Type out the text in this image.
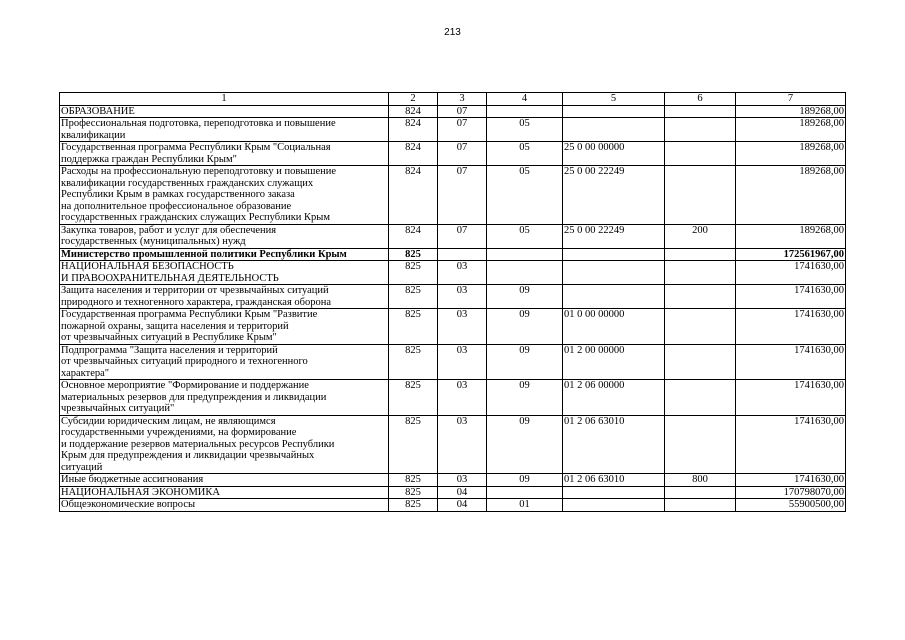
213
1	2	3	4	5	6	7

ОБРАЗОВАНИЕ	824	07				189268,00

Профессиональная подготовка, переподготовка и повышение
квалификации	824	07	05			189268,00

Государственная программа Республики Крым "Социальная
поддержка граждан Республики Крым"	824	07	05	25 0 00 00000		189268,00

Расходы на профессиональную переподготовку и повышение
квалификации государственных гражданских служащих
Республики Крым в рамках государственного заказа
на дополнительное профессиональное образование
государственных гражданских служащих Республики Крым	824	07	05	25 0 00 22249		189268,00

Закупка товаров, работ и услуг для обеспечения
государственных (муниципальных) нужд	824	07	05	25 0 00 22249	200	189268,00

Министерство промышленной политики Республики Крым	825					172561967,00

НАЦИОНАЛЬНАЯ БЕЗОПАСНОСТЬ
И ПРАВООХРАНИТЕЛЬНАЯ ДЕЯТЕЛЬНОСТЬ	825	03				1741630,00

Защита населения и территории от чрезвычайных ситуаций
природного и техногенного характера, гражданская оборона	825	03	09			1741630,00

Государственная программа Республики Крым "Развитие
пожарной охраны, защита населения и территорий
от чрезвычайных ситуаций в Республике Крым"	825	03	09	01 0 00 00000		1741630,00

Подпрограмма "Защита населения и территорий
от чрезвычайных ситуаций природного и техногенного
характера"	825	03	09	01 2 00 00000		1741630,00

Основное мероприятие "Формирование и поддержание
материальных резервов для предупреждения и ликвидации
чрезвычайных ситуаций"	825	03	09	01 2 06 00000		1741630,00

Субсидии юридическим лицам, не являющимся
государственными учреждениями, на формирование
и поддержание резервов материальных ресурсов Республики
Крым для предупреждения и ликвидации чрезвычайных
ситуаций	825	03	09	01 2 06 63010		1741630,00

Иные бюджетные ассигнования	825	03	09	01 2 06 63010	800	1741630,00

НАЦИОНАЛЬНАЯ ЭКОНОМИКА	825	04				170798070,00

Общеэкономические вопросы	825	04	01			55900500,00
